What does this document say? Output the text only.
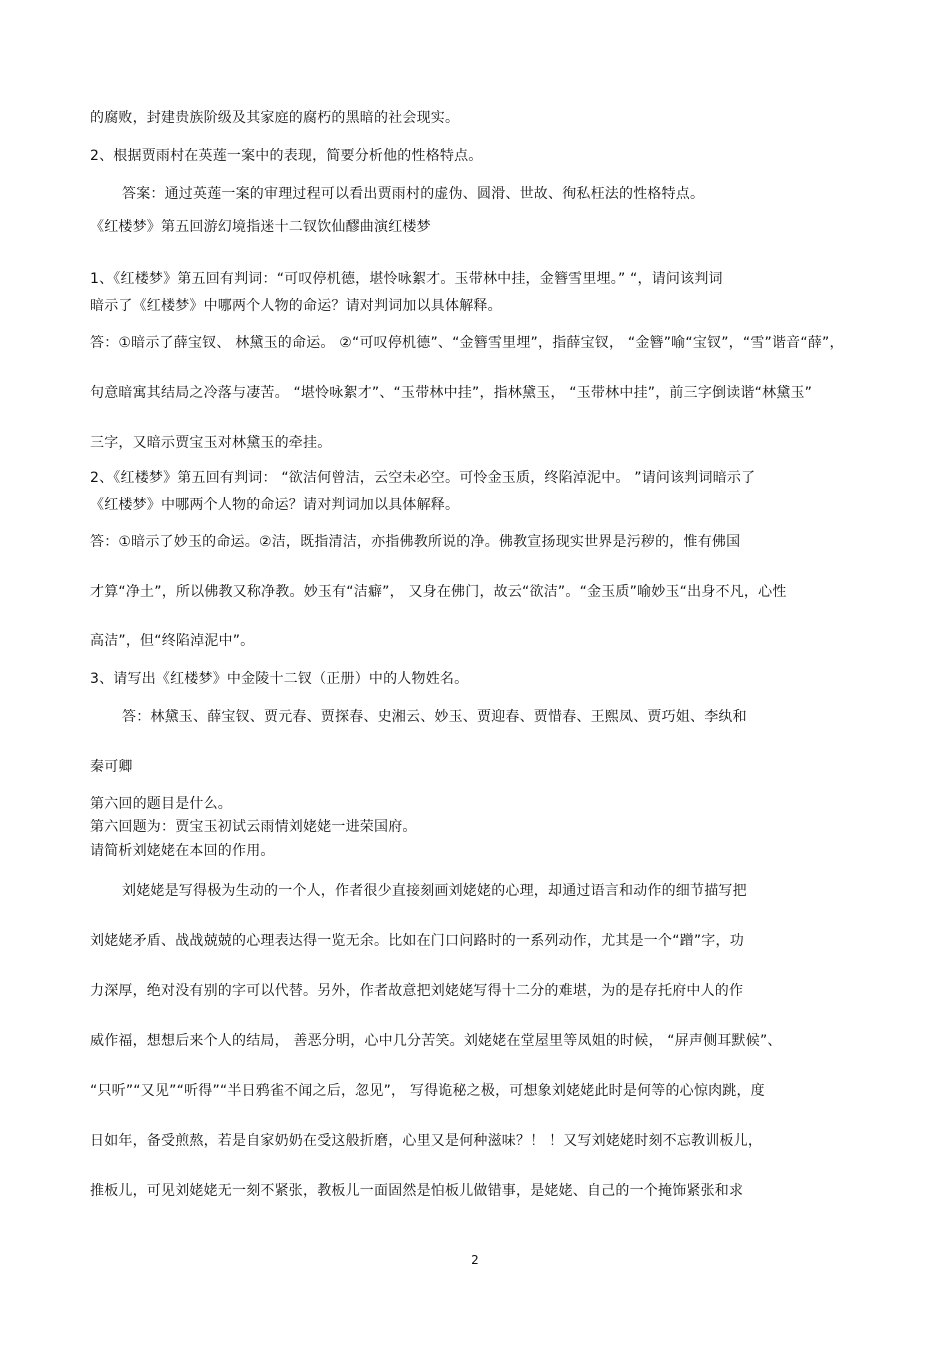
的腐败，封建贵族阶级及其家庭的腐朽的黑暗的社会现实。
2、根据贾雨村在英莲一案中的表现，简要分析他的性格特点。
答案：通过英莲一案的审理过程可以看出贾雨村的虚伪、圆滑、世故、徇私枉法的性格特点。
《红楼梦》第五回游幻境指迷十二钗饮仙醪曲演红楼梦
1、《红楼梦》第五回有判词：“可叹停机德，堪怜咏絮才。玉带林中挂，金簪雪里埋。” “，请问该判词
暗示了《红楼梦》中哪两个人物的命运？请对判词加以具体解释。
答：①暗示了薛宝钗、 林黛玉的命运。 ②“可叹停机德”、“金簪雪里埋”，指薛宝钗， “金簪”喻“宝钗”，“雪”谐音“薛”，
句意暗寓其结局之冷落与凄苦。 “堪怜咏絮才”、“玉带林中挂”，指林黛玉， “玉带林中挂”，前三字倒读谐“林黛玉”
三字，又暗示贾宝玉对林黛玉的牵挂。
2、《红楼梦》第五回有判词： “欲洁何曾洁，云空未必空。可怜金玉质，终陷淖泥中。 ”请问该判词暗示了
《红楼梦》中哪两个人物的命运？请对判词加以具体解释。
答：①暗示了妙玉的命运。②洁，既指清洁，亦指佛教所说的净。佛教宣扬现实世界是污秽的，惟有佛国
才算“净土”，所以佛教又称净教。妙玉有“洁癖”， 又身在佛门，故云“欲洁”。“金玉质”喻妙玉“出身不凡，心性
高洁”，但“终陷淖泥中”。
3、请写出《红楼梦》中金陵十二钗（正册）中的人物姓名。
答：林黛玉、薛宝钗、贾元春、贾探春、史湘云、妙玉、贾迎春、贾惜春、王熙凤、贾巧姐、李纨和
秦可卿
第六回的题目是什么。
第六回题为：贾宝玉初试云雨情刘姥姥一进荣国府。
请简析刘姥姥在本回的作用。
刘姥姥是写得极为生动的一个人，作者很少直接刻画刘姥姥的心理，却通过语言和动作的细节描写把
刘姥姥矛盾、战战兢兢的心理表达得一览无余。比如在门口问路时的一系列动作，尤其是一个“蹭”字，功
力深厚，绝对没有别的字可以代替。另外，作者故意把刘姥姥写得十二分的难堪，为的是存托府中人的作
威作福，想想后来个人的结局， 善恶分明，心中几分苦笑。刘姥姥在堂屋里等凤姐的时候， “屏声侧耳默候”、
“只听”“又见”“听得”“半日鸦雀不闻之后，忽见”， 写得诡秘之极，可想象刘姥姥此时是何等的心惊肉跳，度
日如年，备受煎熬，若是自家奶奶在受这般折磨，心里又是何种滋味？！ ！又写刘姥姥时刻不忘教训板儿，
推板儿，可见刘姥姥无一刻不紧张，教板儿一面固然是怕板儿做错事，是姥姥、自己的一个掩饰紧张和求
2
